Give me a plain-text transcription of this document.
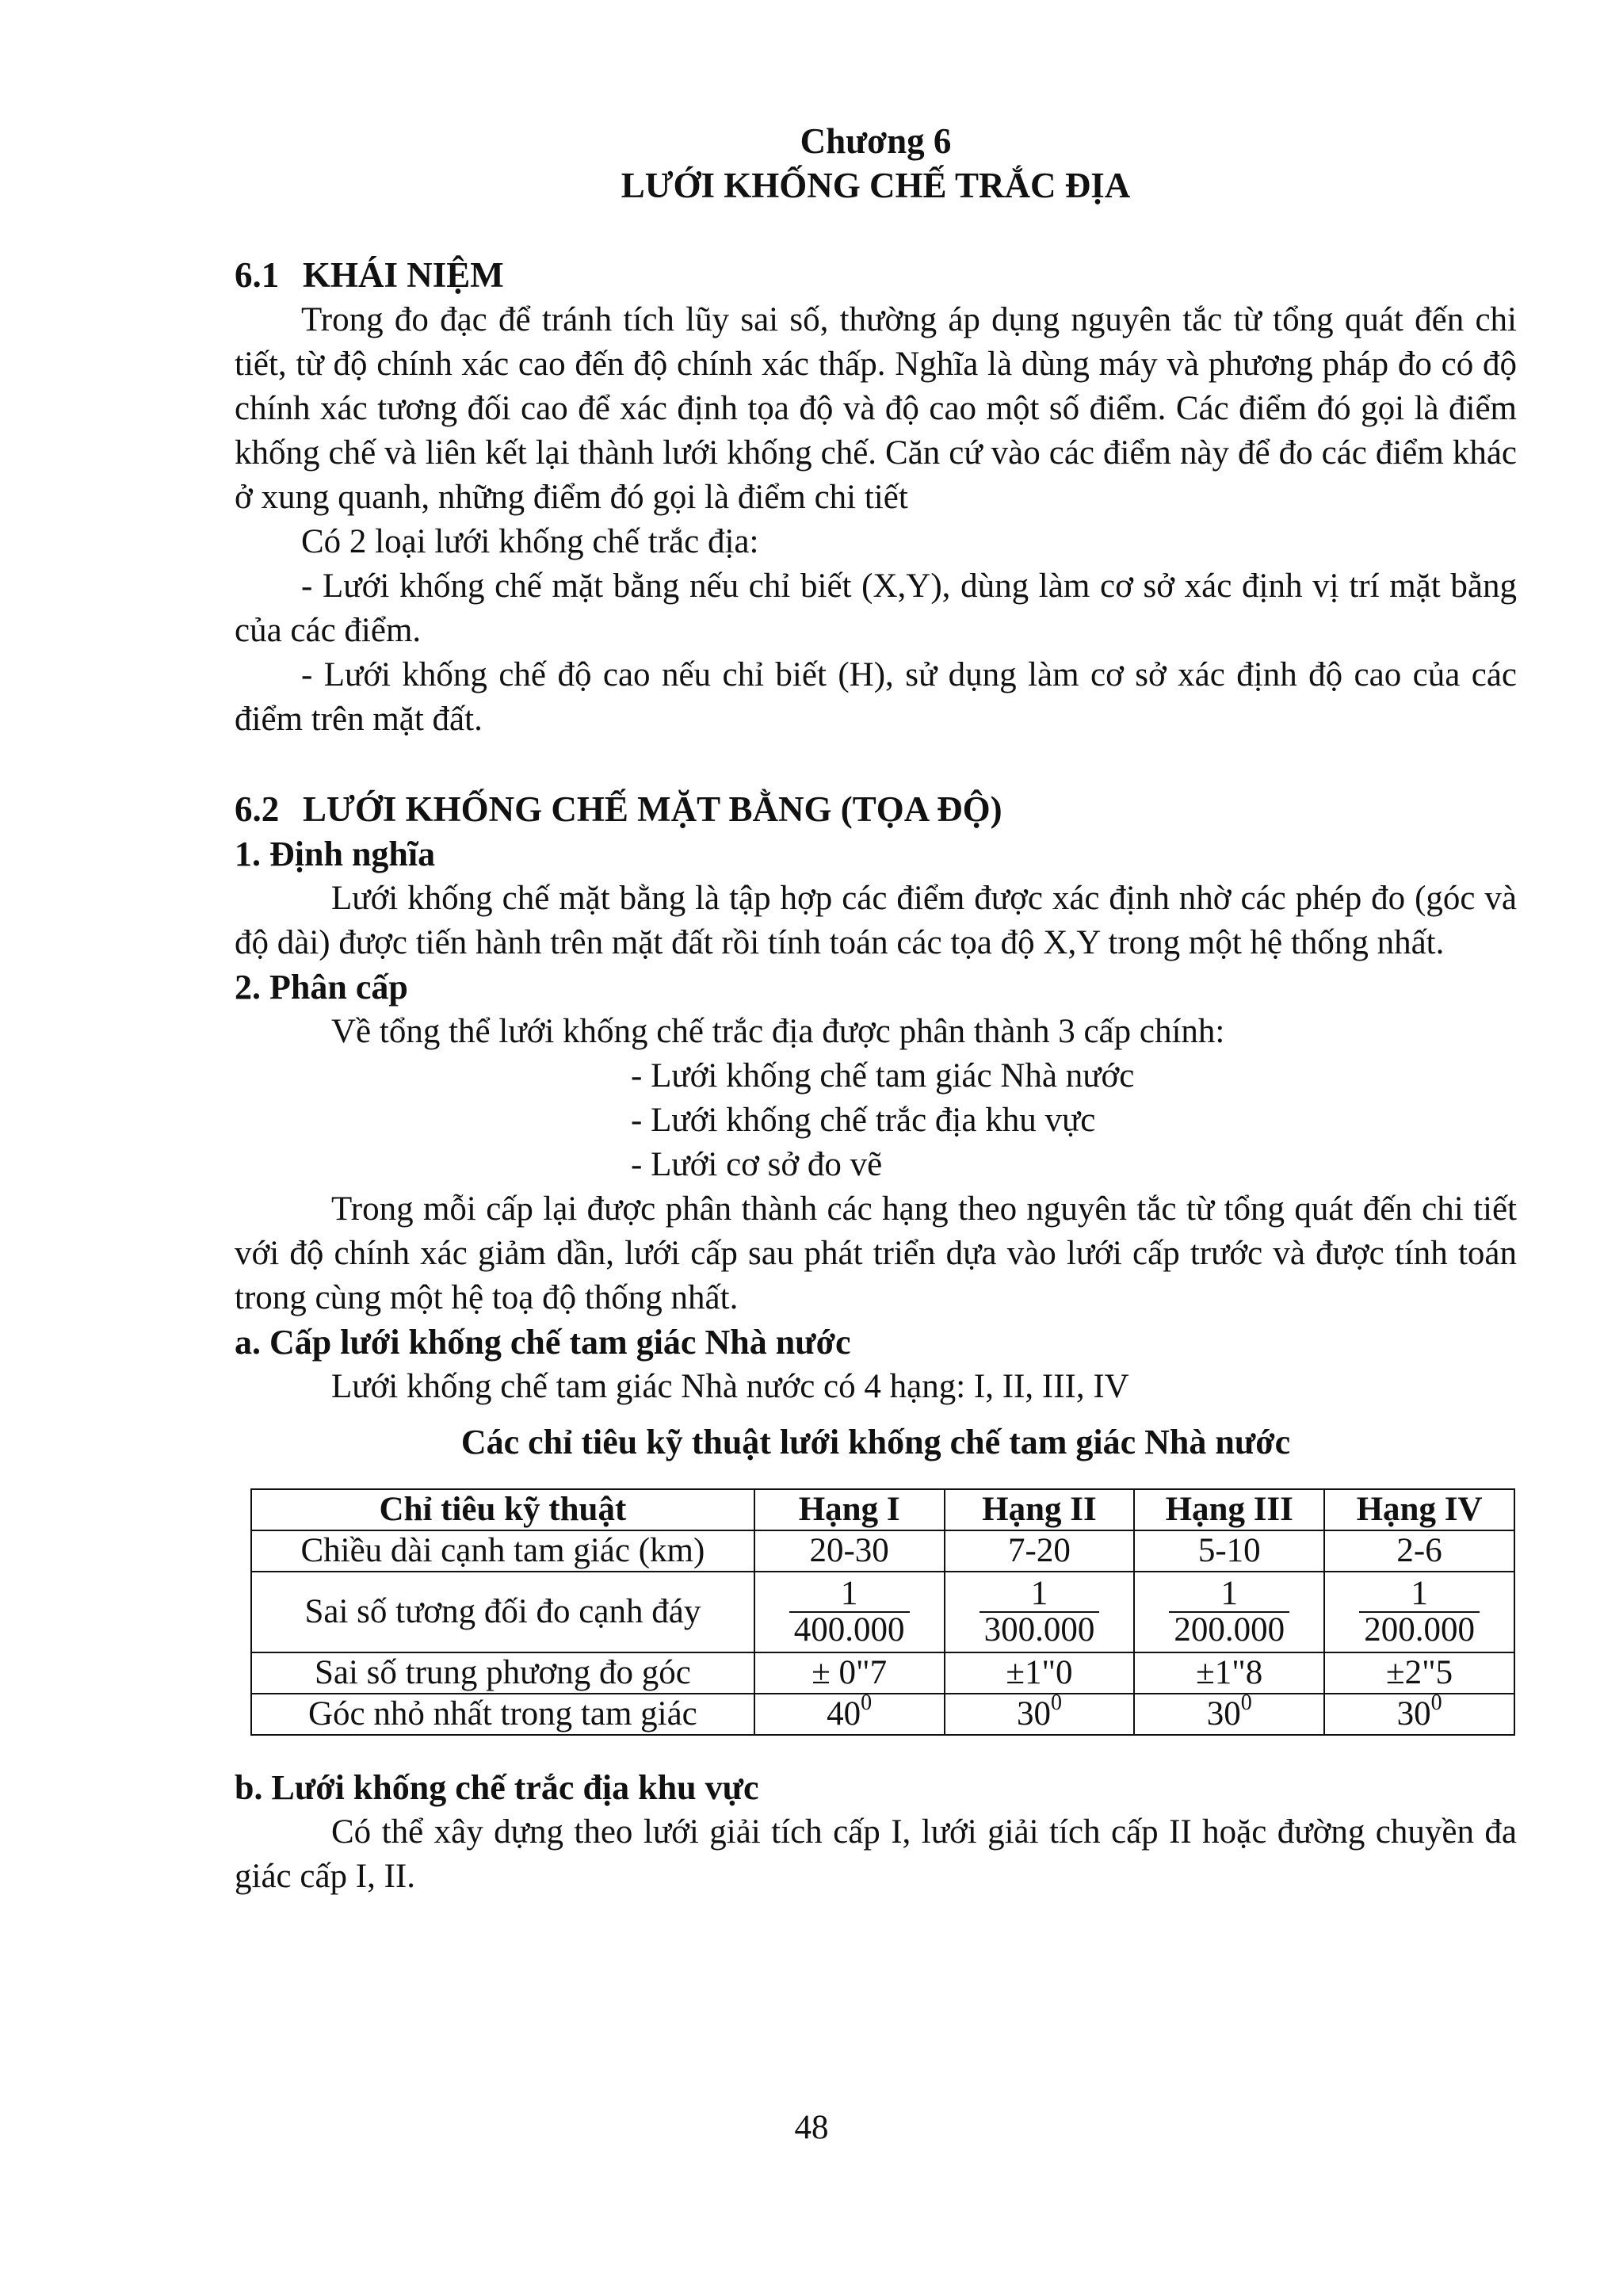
Chương 6
LƯỚI KHỐNG CHẾ TRẮC ĐỊA
6.1 KHÁI NIỆM

Trong đo đạc để tránh tích lũy sai số, thường áp dụng nguyên tắc từ tổng quát đến chi tiết, từ độ chính xác cao đến độ chính xác thấp. Nghĩa là dùng máy và phương pháp đo có độ chính xác tương đối cao để xác định tọa độ và độ cao một số điểm. Các điểm đó gọi là điểm khống chế và liên kết lại thành lưới khống chế. Căn cứ vào các điểm này để đo các điểm khác ở xung quanh, những điểm đó gọi là điểm chi tiết

Có 2 loại lưới khống chế trắc địa:

- Lưới khống chế mặt bằng nếu chỉ biết (X,Y), dùng làm cơ sở xác định vị trí mặt bằng của các điểm.

- Lưới khống chế độ cao nếu chỉ biết (H), sử dụng làm cơ sở xác định độ cao của các điểm trên mặt đất.

6.2 LƯỚI KHỐNG CHẾ MẶT BẰNG (TỌA ĐỘ)
1. Định nghĩa

Lưới khống chế mặt bằng là tập hợp các điểm được xác định nhờ các phép đo (góc và độ dài) được tiến hành trên mặt đất rồi tính toán các tọa độ X,Y trong một hệ thống nhất.

2. Phân cấp

Về tổng thể lưới khống chế trắc địa được phân thành 3 cấp chính:

- Lưới khống chế tam giác Nhà nước
- Lưới khống chế trắc địa khu vực
- Lưới cơ sở đo vẽ

Trong mỗi cấp lại được phân thành các hạng theo nguyên tắc từ tổng quát đến chi tiết với độ chính xác giảm dần, lưới cấp sau phát triển dựa vào lưới cấp trước và được tính toán trong cùng một hệ toạ độ thống nhất.

a. Cấp lưới khống chế tam giác Nhà nước

Lưới khống chế tam giác Nhà nước có 4 hạng: I, II, III, IV

Các chỉ tiêu kỹ thuật lưới khống chế tam giác Nhà nước
Chỉ tiêu kỹ thuật	Hạng I	Hạng II	Hạng III	Hạng IV
Chiều dài cạnh tam giác (km)	20-30	7-20	5-10	2-6
Sai số tương đối đo cạnh đáy	$\frac{1}{400.000}$	$\frac{1}{300.000}$	$\frac{1}{200.000}$	$\frac{1}{200.000}$

Sai số trung phương đo góc	± 0"7	±1"0	±1"8	±2"5
Góc nhỏ nhất trong tam giác	$40^0$	$30^0$	$30^0$	$30^0$
b. Lưới khống chế trắc địa khu vực

Có thể xây dựng theo lưới giải tích cấp I, lưới giải tích cấp II hoặc đường chuyền đa giác cấp I, II.

48
